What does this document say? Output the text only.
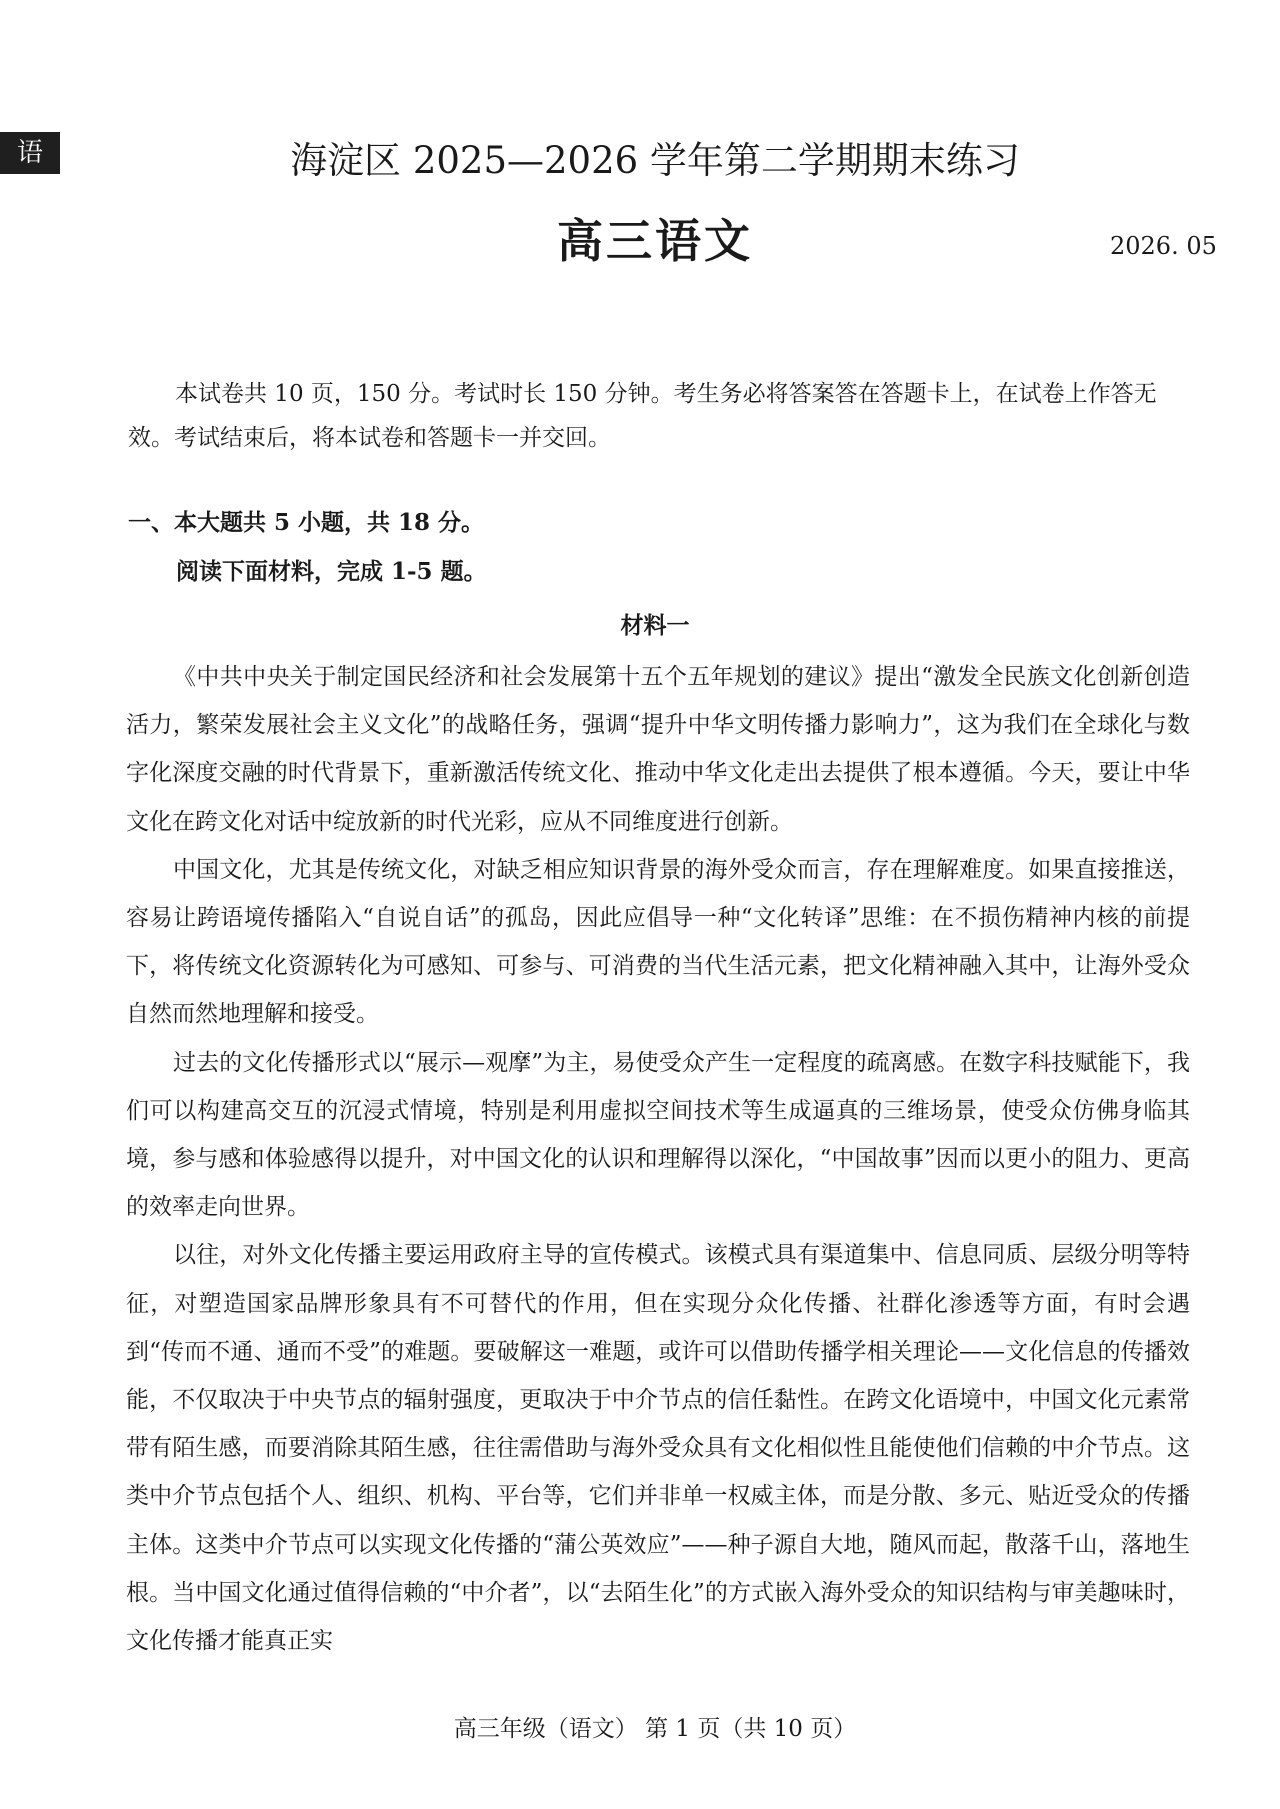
语	海淀区 2025—2026 学年第二学期期末练习
高三语文	2026. 05

本试卷共 10 页，150 分。考试时长 150 分钟。考生务必将答案答在答题卡上，在试卷上作答无效。考试结束后，将本试卷和答题卡一并交回。

一、本大题共 5 小题，共 18 分。

阅读下面材料，完成 1-5 题。

材料一

《中共中央关于制定国民经济和社会发展第十五个五年规划的建议》提出“激发全民族文化创新创造活力，繁荣发展社会主义文化”的战略任务，强调“提升中华文明传播力影响力”，这为我们在全球化与数字化深度交融的时代背景下，重新激活传统文化、推动中华文化走出去提供了根本遵循。今天，要让中华文化在跨文化对话中绽放新的时代光彩，应从不同维度进行创新。

中国文化，尤其是传统文化，对缺乏相应知识背景的海外受众而言，存在理解难度。如果直接推送，容易让跨语境传播陷入“自说自话”的孤岛，因此应倡导一种“文化转译”思维：在不损伤精神内核的前提下，将传统文化资源转化为可感知、可参与、可消费的当代生活元素，把文化精神融入其中，让海外受众自然而然地理解和接受。

过去的文化传播形式以“展示—观摩”为主，易使受众产生一定程度的疏离感。在数字科技赋能下，我们可以构建高交互的沉浸式情境，特别是利用虚拟空间技术等生成逼真的三维场景，使受众仿佛身临其境，参与感和体验感得以提升，对中国文化的认识和理解得以深化，“中国故事”因而以更小的阻力、更高的效率走向世界。

以往，对外文化传播主要运用政府主导的宣传模式。该模式具有渠道集中、信息同质、层级分明等特征，对塑造国家品牌形象具有不可替代的作用，但在实现分众化传播、社群化渗透等方面，有时会遇到“传而不通、通而不受”的难题。要破解这一难题，或许可以借助传播学相关理论——文化信息的传播效能，不仅取决于中央节点的辐射强度，更取决于中介节点的信任黏性。在跨文化语境中，中国文化元素常带有陌生感，而要消除其陌生感，往往需借助与海外受众具有文化相似性且能使他们信赖的中介节点。这类中介节点包括个人、组织、机构、平台等，它们并非单一权威主体，而是分散、多元、贴近受众的传播主体。这类中介节点可以实现文化传播的“蒲公英效应”——种子源自大地，随风而起，散落千山，落地生根。当中国文化通过值得信赖的“中介者”，以“去陌生化”的方式嵌入海外受众的知识结构与审美趣味时，文化传播才能真正实

高三年级（语文） 第 1 页（共 10 页）
